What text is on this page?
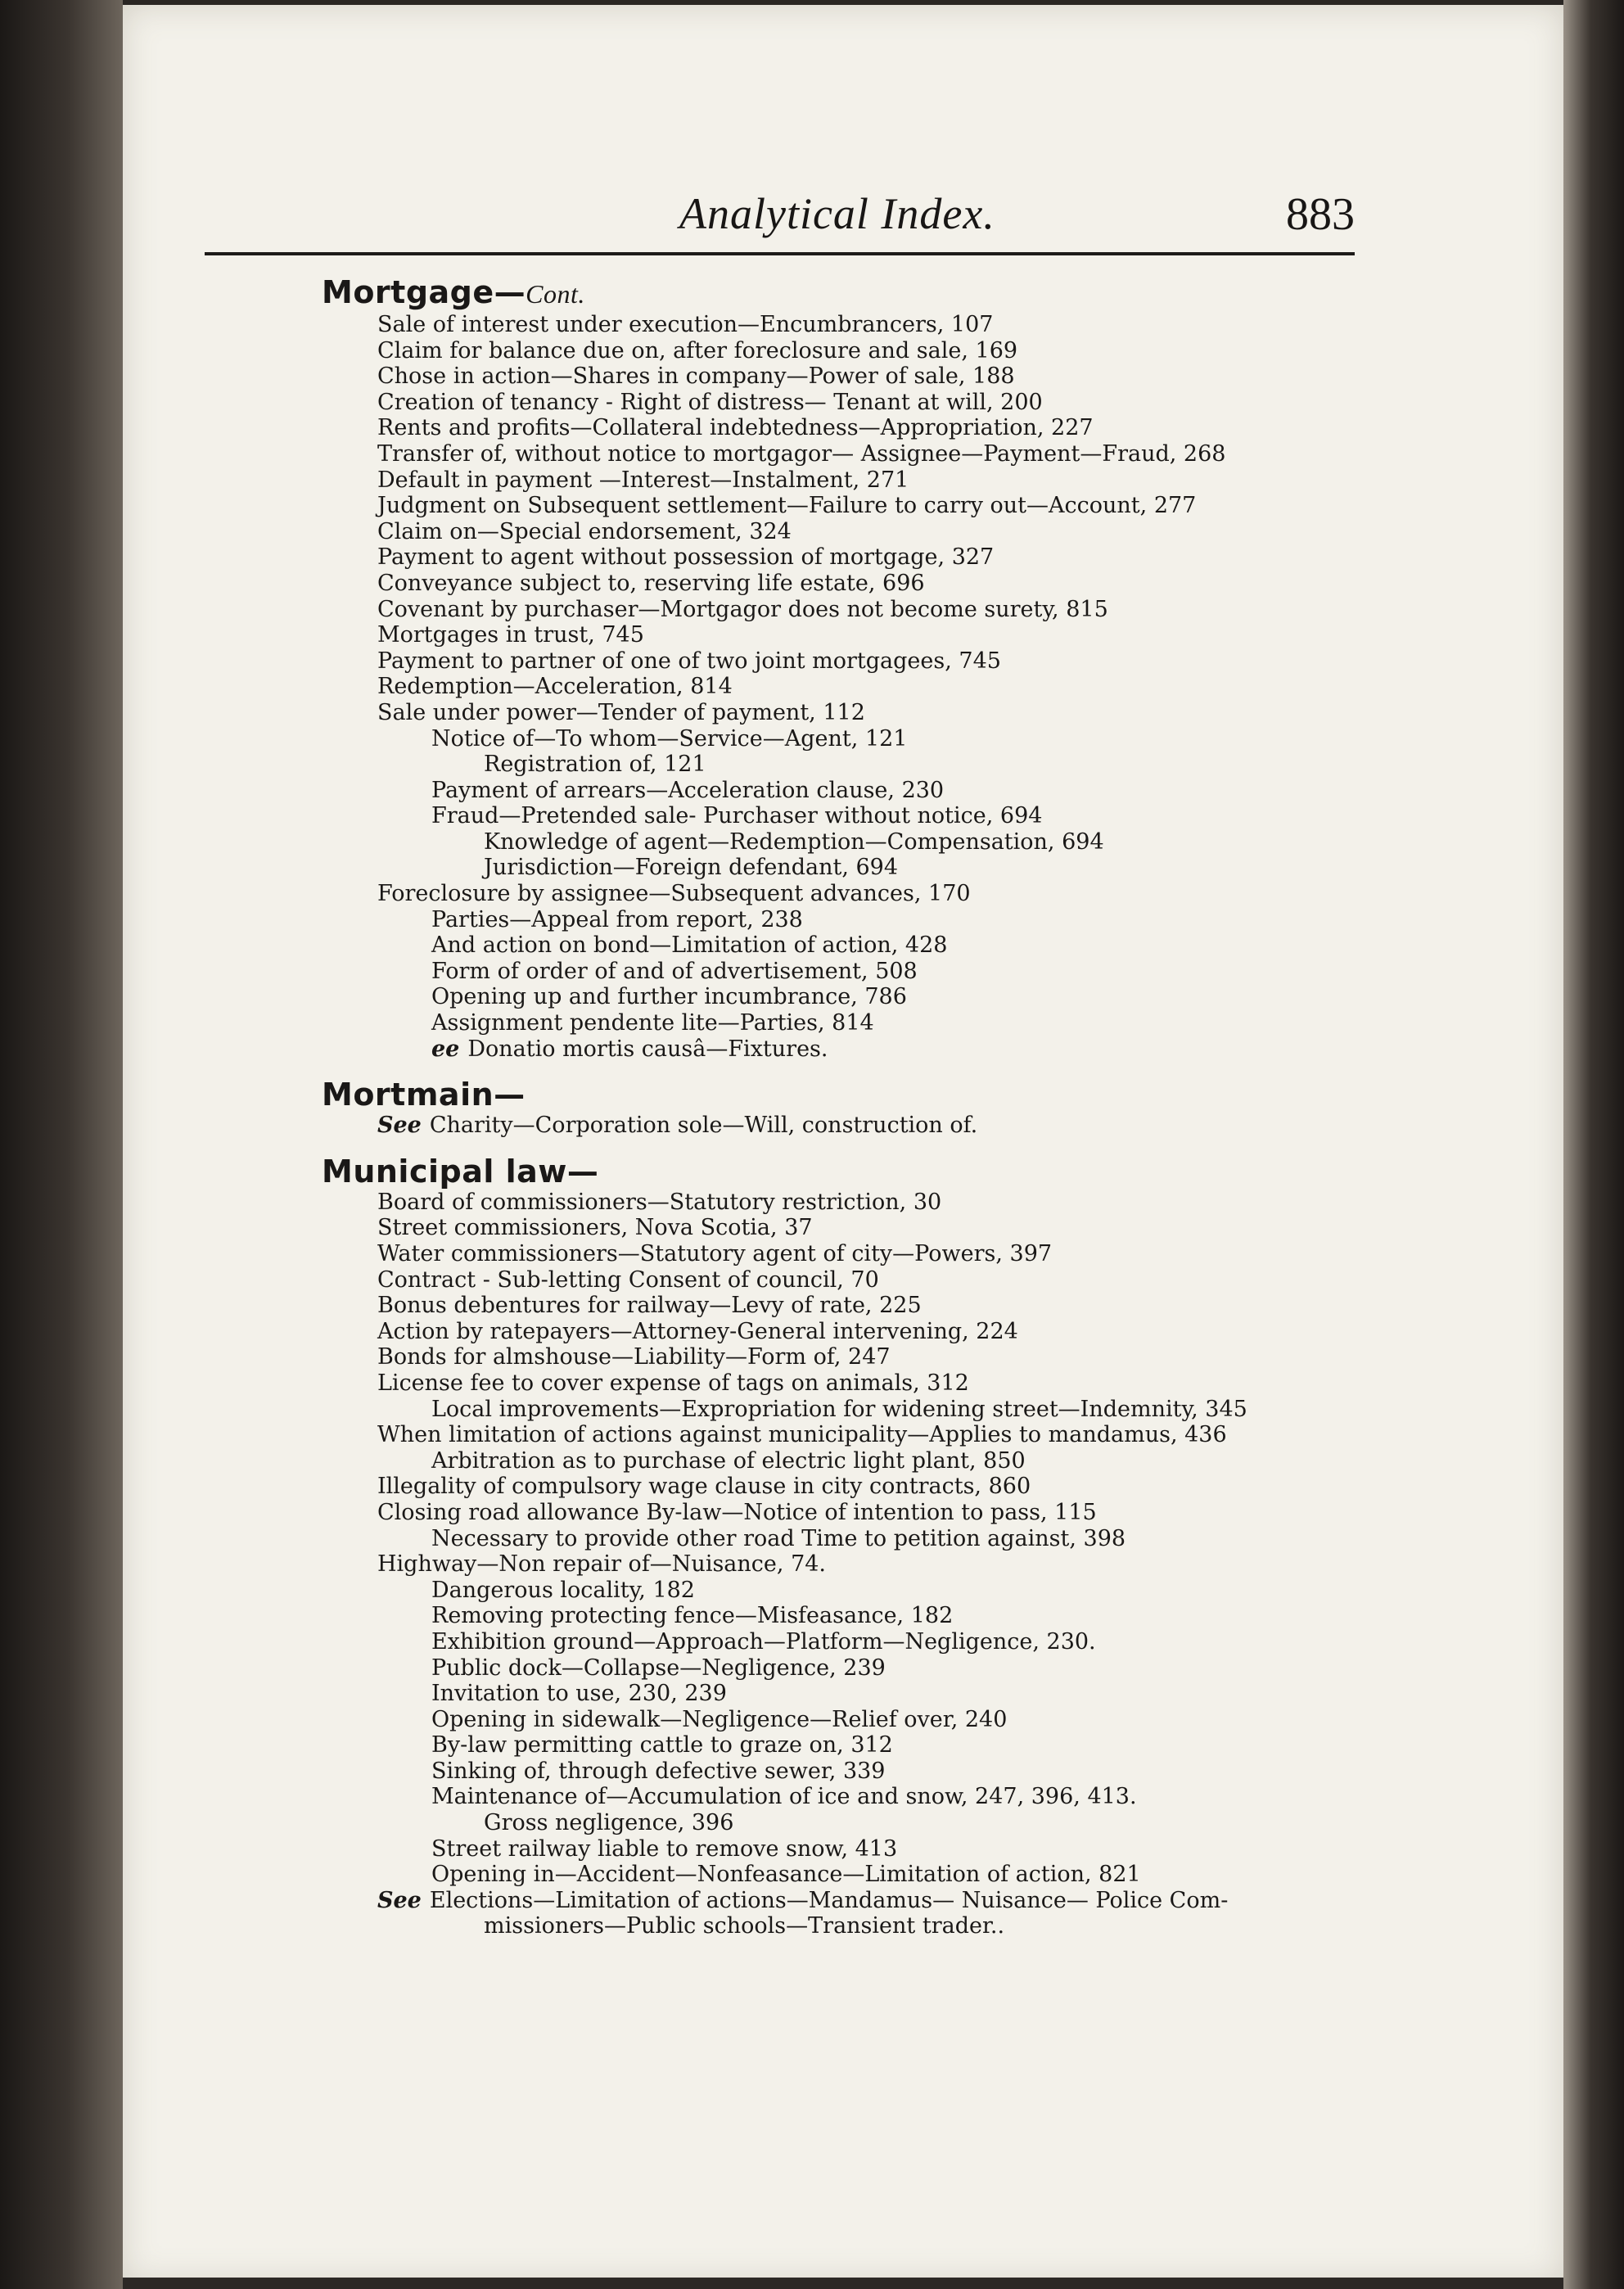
Analytical Index.	883
Mortgage—Cont.
Sale of interest under execution—Encumbrancers, 107
Claim for balance due on, after foreclosure and sale, 169
Chose in action—Shares in company—Power of sale, 188
Creation of tenancy - Right of distress— Tenant at will, 200
Rents and profits—Collateral indebtedness—Appropriation, 227
Transfer of, without notice to mortgagor— Assignee—Payment—Fraud, 268
Default in payment —Interest—Instalment, 271
Judgment on Subsequent settlement—Failure to carry out—Account, 277
Claim on—Special endorsement, 324
Payment to agent without possession of mortgage, 327
Conveyance subject to, reserving life estate, 696
Covenant by purchaser—Mortgagor does not become surety, 815
Mortgages in trust, 745
Payment to partner of one of two joint mortgagees, 745
Redemption—Acceleration, 814
Sale under power—Tender of payment, 112
Notice of—To whom—Service—Agent, 121
Registration of, 121
Payment of arrears—Acceleration clause, 230
Fraud—Pretended sale- Purchaser without notice, 694
Knowledge of agent—Redemption—Compensation, 694
Jurisdiction—Foreign defendant, 694
Foreclosure by assignee—Subsequent advances, 170
Parties—Appeal from report, 238
And action on bond—Limitation of action, 428
Form of order of and of advertisement, 508
Opening up and further incumbrance, 786
Assignment pendente lite—Parties, 814
ee Donatio mortis causâ—Fixtures.
Mortmain—
See Charity—Corporation sole—Will, construction of.
Municipal law—
Board of commissioners—Statutory restriction, 30
Street commissioners, Nova Scotia, 37
Water commissioners—Statutory agent of city—Powers, 397
Contract - Sub-letting Consent of council, 70
Bonus debentures for railway—Levy of rate, 225
Action by ratepayers—Attorney-General intervening, 224
Bonds for almshouse—Liability—Form of, 247
License fee to cover expense of tags on animals, 312
Local improvements—Expropriation for widening street—Indemnity, 345
When limitation of actions against municipality—Applies to mandamus, 436
Arbitration as to purchase of electric light plant, 850
Illegality of compulsory wage clause in city contracts, 860
Closing road allowance By-law—Notice of intention to pass, 115
Necessary to provide other road Time to petition against, 398
Highway—Non repair of—Nuisance, 74.
Dangerous locality, 182
Removing protecting fence—Misfeasance, 182
Exhibition ground—Approach—Platform—Negligence, 230.
Public dock—Collapse—Negligence, 239
Invitation to use, 230, 239
Opening in sidewalk—Negligence—Relief over, 240
By-law permitting cattle to graze on, 312
Sinking of, through defective sewer, 339
Maintenance of—Accumulation of ice and snow, 247, 396, 413.
Gross negligence, 396
Street railway liable to remove snow, 413
Opening in—Accident—Nonfeasance—Limitation of action, 821
See Elections—Limitation of actions—Mandamus— Nuisance— Police Com-
missioners—Public schools—Transient trader..
